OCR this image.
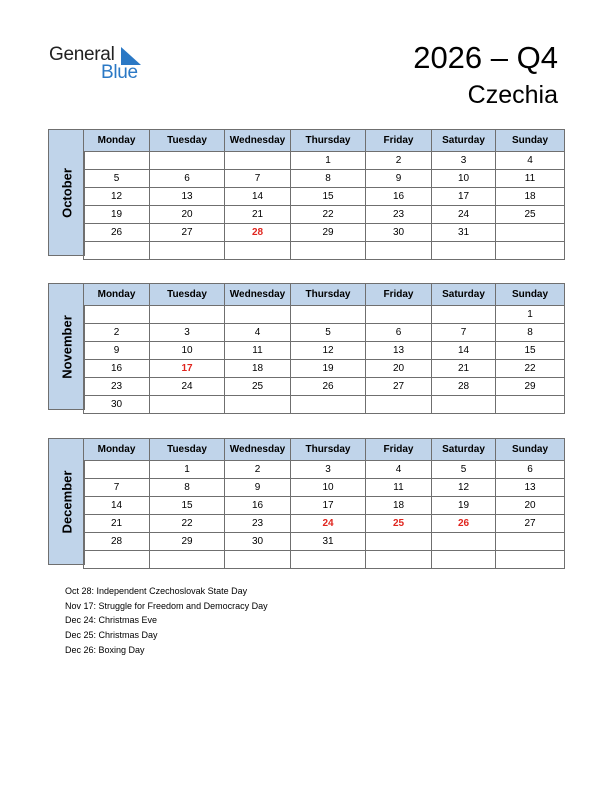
General
Blue	2026 – Q4
Czechia
October
Monday	Tuesday	Wednesday	Thursday	Friday	Saturday	Sunday
			1	2	3	4
5	6	7	8	9	10	11
12	13	14	15	16	17	18
19	20	21	22	23	24	25
26	27	28	29	30	31	

November
Monday	Tuesday	Wednesday	Thursday	Friday	Saturday	Sunday
						1
2	3	4	5	6	7	8
9	10	11	12	13	14	15
16	17	18	19	20	21	22
23	24	25	26	27	28	29
30						
December
Monday	Tuesday	Wednesday	Thursday	Friday	Saturday	Sunday
	1	2	3	4	5	6
7	8	9	10	11	12	13
14	15	16	17	18	19	20
21	22	23	24	25	26	27
28	29	30	31			

Oct 28: Independent Czechoslovak State Day
Nov 17: Struggle for Freedom and Democracy Day
Dec 24: Christmas Eve
Dec 25: Christmas Day
Dec 26: Boxing Day
